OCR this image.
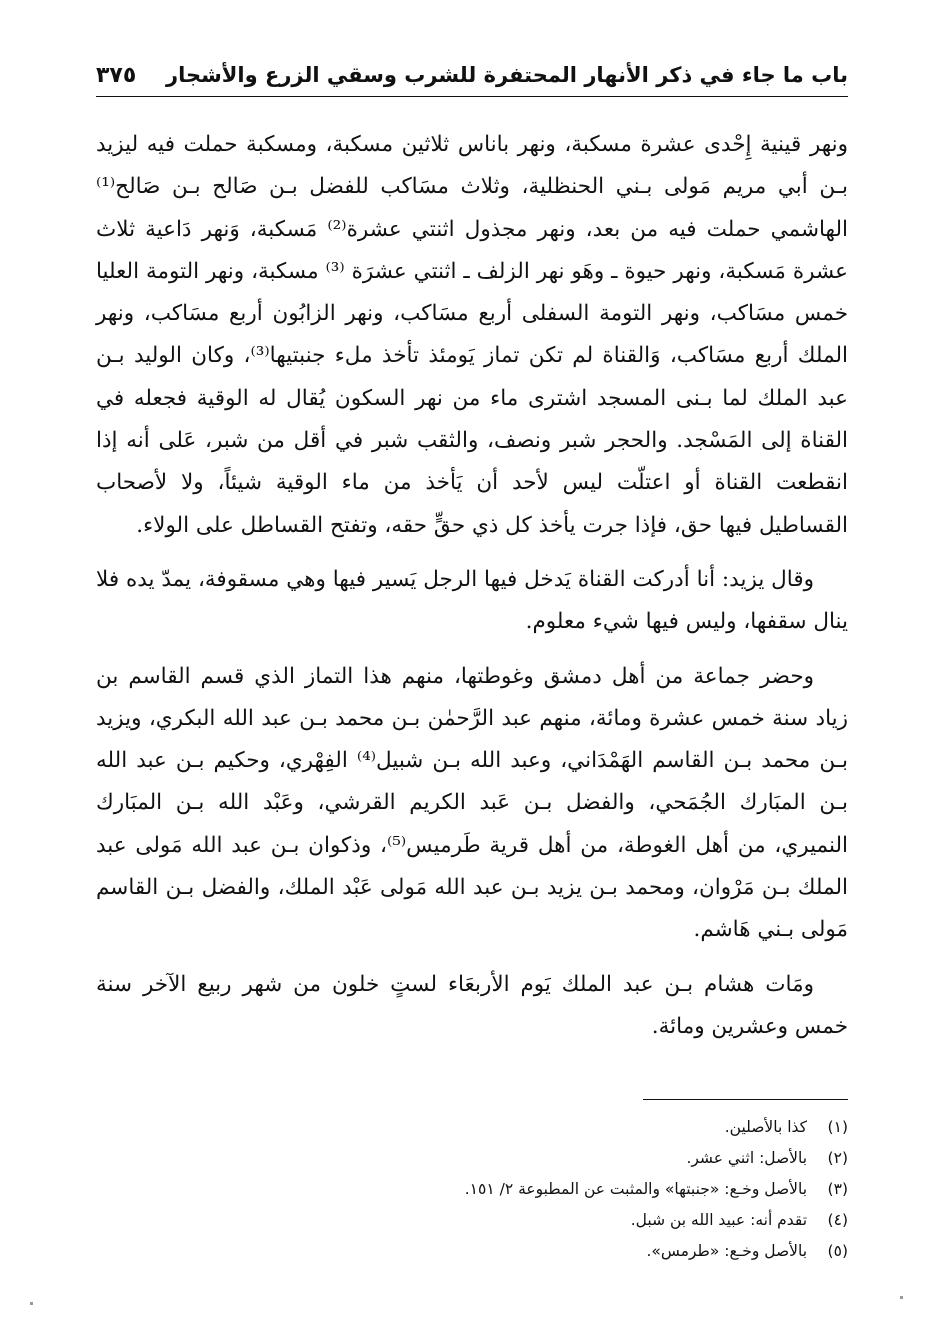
باب ما جاء في ذكر الأنهار المحتفرة للشرب وسقي الزرع والأشجار
٣٧٥

ونهر قينية إِحْدى عشرة مسكبة، ونهر باناس ثلاثين مسكبة، ومسكبة حملت فيه ليزيد بـن أبي مريم مَولى بـني الحنظلية، وثلاث مسَاكب للفضل بـن صَالح بـن صَالح⁽¹⁾ الهاشمي حملت فيه من بعد، ونهر مجذول اثنتي عشرة⁽²⁾ مَسكبة، وَنهر دَاعية ثلاث عشرة مَسكبة، ونهر حيوة ـ وهَو نهر الزلف ـ اثنتي عشرَة ⁽³⁾ مسكبة، ونهر التومة العليا خمس مسَاكب، ونهر التومة السفلى أربع مسَاكب، ونهر الزابُون أربع مسَاكب، ونهر الملك أربع مسَاكب، وَالقناة لم تكن تماز يَومئذ تأخذ ملء جنبتيها⁽³⁾، وكان الوليد بـن عبد الملك لما بـنى المسجد اشترى ماء من نهر السكون يُقال له الوقية فجعله في القناة إلى المَسْجد. والحجر شبر ونصف، والثقب شبر في أقل من شبر، عَلى أنه إذا انقطعت القناة أو اعتلّت ليس لأحد أن يَأخذ من ماء الوقية شيئاً، ولا لأصحاب القساطيل فيها حق، فإذا جرت يأخذ كل ذي حقٍّ حقه، وتفتح القساطل على الولاء.

وقال يزيد: أنا أدركت القناة يَدخل فيها الرجل يَسير فيها وهي مسقوفة، يمدّ يده فلا ينال سقفها، وليس فيها شيء معلوم.

وحضر جماعة من أهل دمشق وغوطتها، منهم هذا التماز الذي قسم القاسم بن زياد سنة خمس عشرة ومائة، منهم عبد الرَّحمٰن بـن محمد بـن عبد الله البكري، ويزيد بـن محمد بـن القاسم الهَمْدَاني، وعبد الله بـن شبيل⁽⁴⁾ الفِهْري، وحكيم بـن عبد الله بـن المبَارك الجُمَحي، والفضل بـن عَبد الكريم القرشي، وعَبْد الله بـن المبَارك النميري، من أهل الغوطة، من أهل قرية طَرميس⁽⁵⁾، وذكوان بـن عبد الله مَولى عبد الملك بـن مَرْوان، ومحمد بـن يزيد بـن عبد الله مَولى عَبْد الملك، والفضل بـن القاسم مَولى بـني هَاشم.

ومَات هشام بـن عبد الملك يَوم الأربعَاء لستٍ خلون من شهر ربيع الآخر سنة خمس وعشرين ومائة.

(١) كذا بالأصلين.
(٢) بالأصل: اثني عشر.
(٣) بالأصل وخـع: «جنبتها» والمثبت عن المطبوعة ٢/ ١٥١.
(٤) تقدم أنه: عبيد الله بن شبل.
(٥) بالأصل وخـع: «طرمس».
